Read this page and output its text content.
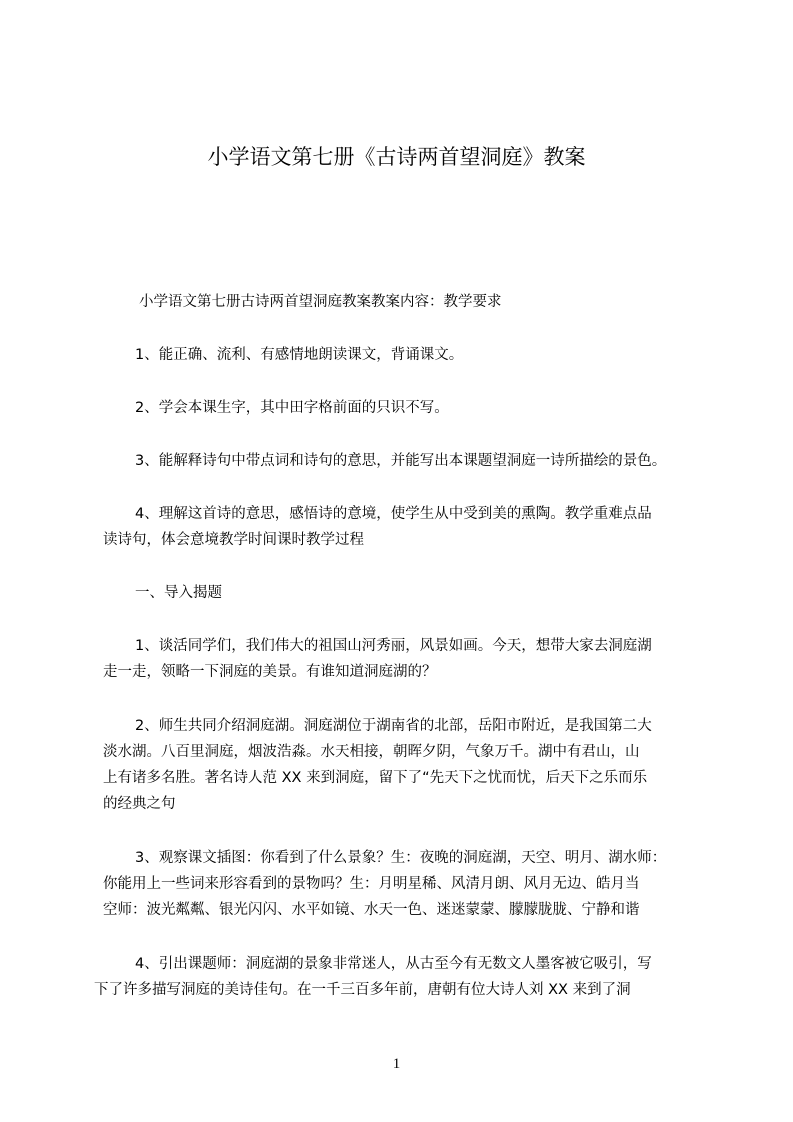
小学语文第七册《古诗两首望洞庭》教案
小学语文第七册古诗两首望洞庭教案教案内容：教学要求
1、能正确、流利、有感情地朗读课文，背诵课文。
2、学会本课生字，其中田字格前面的只识不写。
3、能解释诗句中带点词和诗句的意思，并能写出本课题望洞庭一诗所描绘的景色。
4、理解这首诗的意思，感悟诗的意境，使学生从中受到美的熏陶。教学重难点品
读诗句，体会意境教学时间课时教学过程
一、导入揭题
1、谈活同学们，我们伟大的祖国山河秀丽，风景如画。今天，想带大家去洞庭湖
走一走，领略一下洞庭的美景。有谁知道洞庭湖的？
2、师生共同介绍洞庭湖。洞庭湖位于湖南省的北部，岳阳市附近，是我国第二大
淡水湖。八百里洞庭，烟波浩淼。水天相接，朝晖夕阴，气象万千。湖中有君山，山
上有诸多名胜。著名诗人范 XX 来到洞庭，留下了“先天下之忧而忧，后天下之乐而乐
的经典之句
3、观察课文插图：你看到了什么景象？生：夜晚的洞庭湖，天空、明月、湖水师：
你能用上一些词来形容看到的景物吗？生：月明星稀、风清月朗、风月无边、皓月当
空师：波光粼粼、银光闪闪、水平如镜、水天一色、迷迷蒙蒙、朦朦胧胧、宁静和谐
4、引出课题师：洞庭湖的景象非常迷人，从古至今有无数文人墨客被它吸引，写
下了许多描写洞庭的美诗佳句。在一千三百多年前，唐朝有位大诗人刘 XX 来到了洞
1
